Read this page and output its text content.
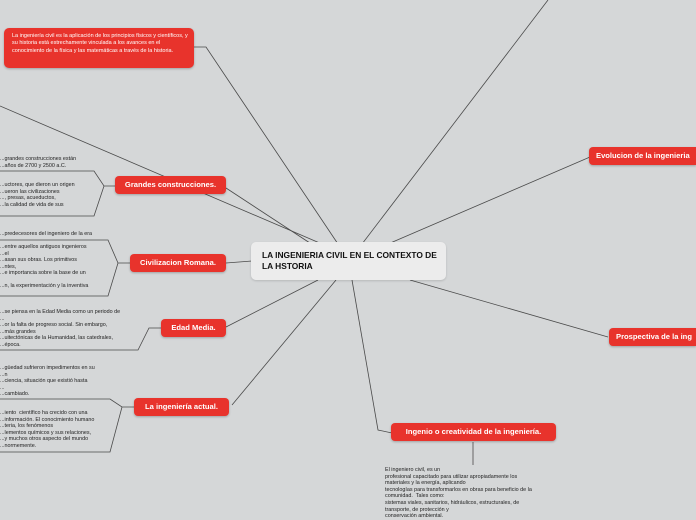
La ingeniería civil es la aplicación de los principios físicos y científicos, y su historia está estrechamente vinculada a los avances en el conocimiento de la física y las matemáticas a través de la historia.
LA INGENIERIA CIVIL EN EL CONTEXTO DE LA HSTORIA
Grandes construcciones.
Civilizacion Romana.
Edad Media.
La ingeniería actual.
Evolucion de la ingenieria
Prospectiva de la ing
Ingenio o creatividad de la ingeniería.
...grandes construcciones están
...años de 2700 y 2500 a.C.
...uctores, que dieron un origen
...ueron las civilizaciones
..., presas, acueductos,
...la calidad de vida de sus
...predecesores del ingeniero de la era
...entre aquellos antiguos ingenieros
...el
...asan sus obras. Los primitivos
...ntes,
...e importancia sobre la base de un
...n, la experimentación y la inventiva
...se piensa en la Edad Media como un periodo de
...
...or la falta de progreso social. Sin embargo,
...más grandes
...uitectónicas de la Humanidad, las catedrales,
...época.
...güedad sufrieron impedimentos en su
...n
...ciencia, situación que existió hasta
...
...cambiado.
...iento  científico ha crecido con una
...información. El conocimiento humano
...teria, los fenómenos
...lementos químicos y sus relaciones,
...y muchos otros aspecto del mundo
...normemente.
El ingeniero civil, es un
profesional capacitado para utilizar apropiadamente los
materiales y la energía, aplicando
tecnologías para transformarlos en obras para beneficio de la
comunidad.  Tales como:
sistemas viales, sanitarios, hidráulicos, estructurales, de
transporte, de protección y
conservación ambiental.
